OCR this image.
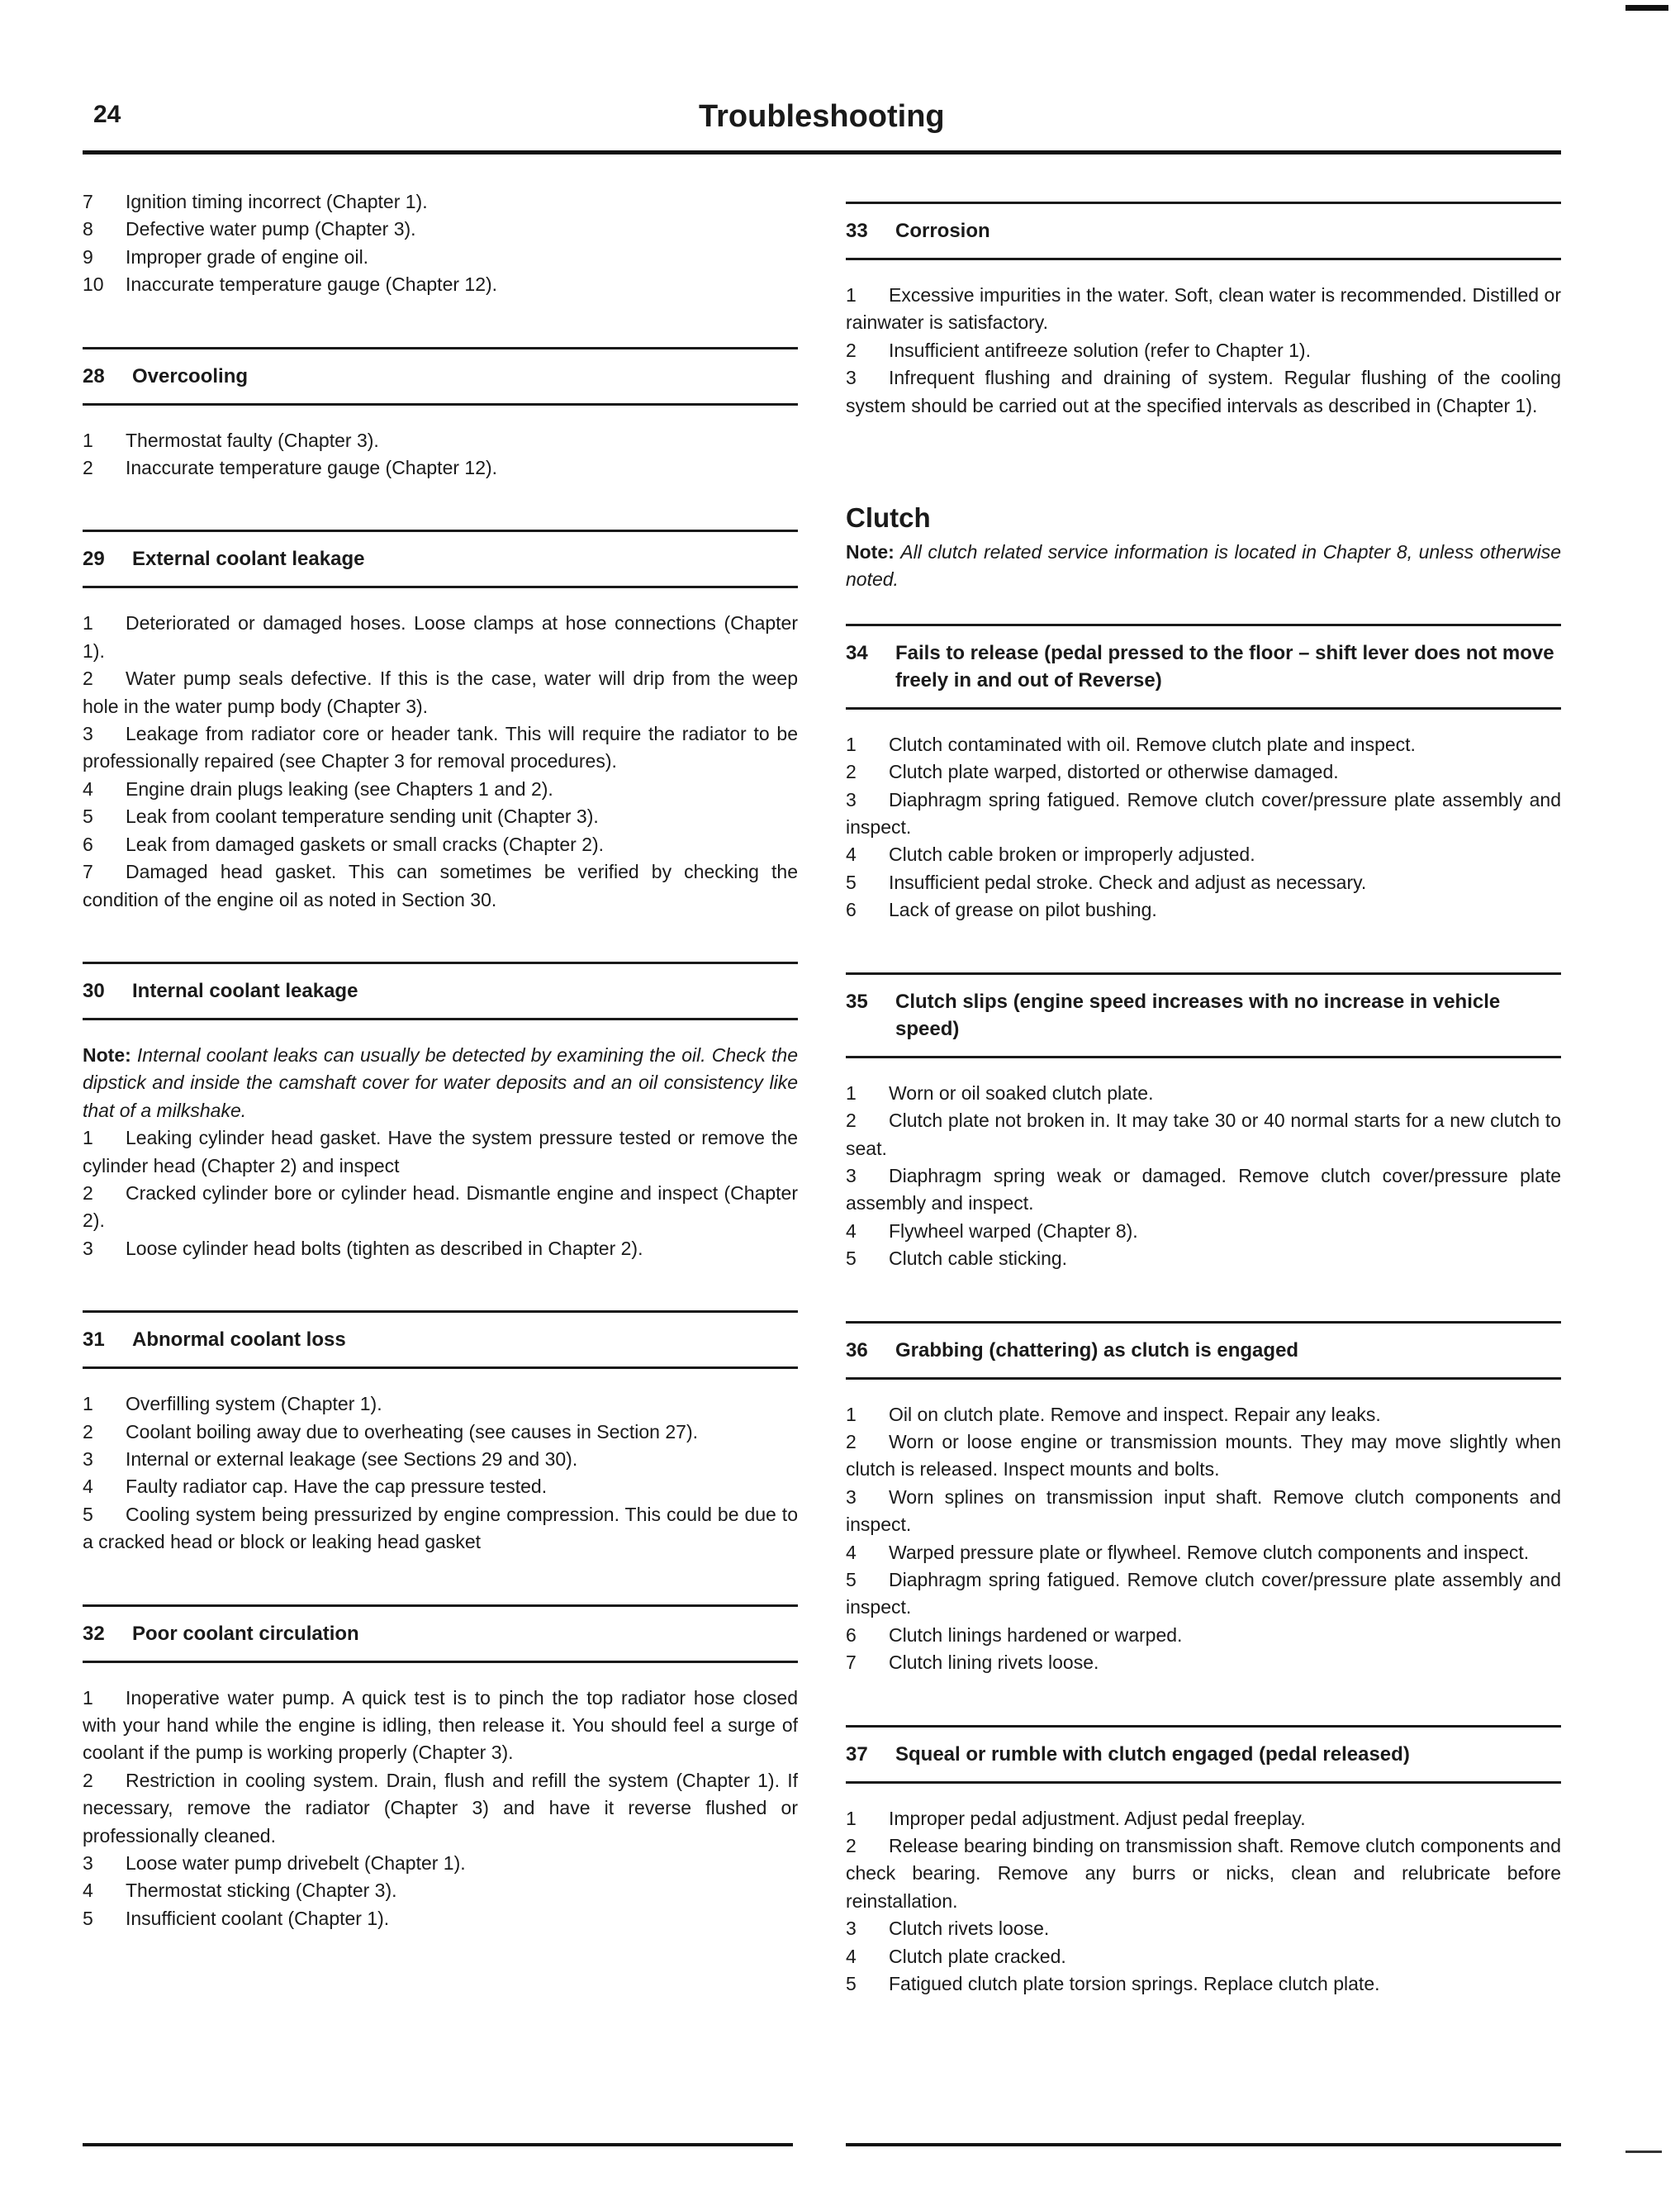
24	Troubleshooting

7 Ignition timing incorrect (Chapter 1).

8 Defective water pump (Chapter 3).

9 Improper grade of engine oil.

10 Inaccurate temperature gauge (Chapter 12).

28	Overcooling

1 Thermostat faulty (Chapter 3).

2 Inaccurate temperature gauge (Chapter 12).

29	External coolant leakage

1 Deteriorated or damaged hoses. Loose clamps at hose connections (Chapter 1).

2 Water pump seals defective. If this is the case, water will drip from the weep hole in the water pump body (Chapter 3).

3 Leakage from radiator core or header tank. This will require the radiator to be professionally repaired (see Chapter 3 for removal procedures).

4 Engine drain plugs leaking (see Chapters 1 and 2).

5 Leak from coolant temperature sending unit (Chapter 3).

6 Leak from damaged gaskets or small cracks (Chapter 2).

7 Damaged head gasket. This can sometimes be verified by checking the condition of the engine oil as noted in Section 30.

30	Internal coolant leakage

Note: Internal coolant leaks can usually be detected by examining the oil. Check the dipstick and inside the camshaft cover for water deposits and an oil consistency like that of a milkshake.

1 Leaking cylinder head gasket. Have the system pressure tested or remove the cylinder head (Chapter 2) and inspect

2 Cracked cylinder bore or cylinder head. Dismantle engine and inspect (Chapter 2).

3 Loose cylinder head bolts (tighten as described in Chapter 2).

31	Abnormal coolant loss

1 Overfilling system (Chapter 1).

2 Coolant boiling away due to overheating (see causes in Section 27).

3 Internal or external leakage (see Sections 29 and 30).

4 Faulty radiator cap. Have the cap pressure tested.

5 Cooling system being pressurized by engine compression. This could be due to a cracked head or block or leaking head gasket

32	Poor coolant circulation

1 Inoperative water pump. A quick test is to pinch the top radiator hose closed with your hand while the engine is idling, then release it. You should feel a surge of coolant if the pump is working properly (Chapter 3).

2 Restriction in cooling system. Drain, flush and refill the system (Chapter 1). If necessary, remove the radiator (Chapter 3) and have it reverse flushed or professionally cleaned.

3 Loose water pump drivebelt (Chapter 1).

4 Thermostat sticking (Chapter 3).

5 Insufficient coolant (Chapter 1).

33	Corrosion

1 Excessive impurities in the water. Soft, clean water is recommended. Distilled or rainwater is satisfactory.

2 Insufficient antifreeze solution (refer to Chapter 1).

3 Infrequent flushing and draining of system. Regular flushing of the cooling system should be carried out at the specified intervals as described in (Chapter 1).

Clutch

Note: All clutch related service information is located in Chapter 8, unless otherwise noted.

34	Fails to release (pedal pressed to the floor – shift lever does not move freely in and out of Reverse)

1 Clutch contaminated with oil. Remove clutch plate and inspect.

2 Clutch plate warped, distorted or otherwise damaged.

3 Diaphragm spring fatigued. Remove clutch cover/pressure plate assembly and inspect.

4 Clutch cable broken or improperly adjusted.

5 Insufficient pedal stroke. Check and adjust as necessary.

6 Lack of grease on pilot bushing.

35	Clutch slips (engine speed increases with no increase in vehicle speed)

1 Worn or oil soaked clutch plate.

2 Clutch plate not broken in. It may take 30 or 40 normal starts for a new clutch to seat.

3 Diaphragm spring weak or damaged. Remove clutch cover/pressure plate assembly and inspect.

4 Flywheel warped (Chapter 8).

5 Clutch cable sticking.

36	Grabbing (chattering) as clutch is engaged

1 Oil on clutch plate. Remove and inspect. Repair any leaks.

2 Worn or loose engine or transmission mounts. They may move slightly when clutch is released. Inspect mounts and bolts.

3 Worn splines on transmission input shaft. Remove clutch components and inspect.

4 Warped pressure plate or flywheel. Remove clutch components and inspect.

5 Diaphragm spring fatigued. Remove clutch cover/pressure plate assembly and inspect.

6 Clutch linings hardened or warped.

7 Clutch lining rivets loose.

37	Squeal or rumble with clutch engaged (pedal released)

1 Improper pedal adjustment. Adjust pedal freeplay.

2 Release bearing binding on transmission shaft. Remove clutch components and check bearing. Remove any burrs or nicks, clean and relubricate before reinstallation.

3 Clutch rivets loose.

4 Clutch plate cracked.

5 Fatigued clutch plate torsion springs. Replace clutch plate.
